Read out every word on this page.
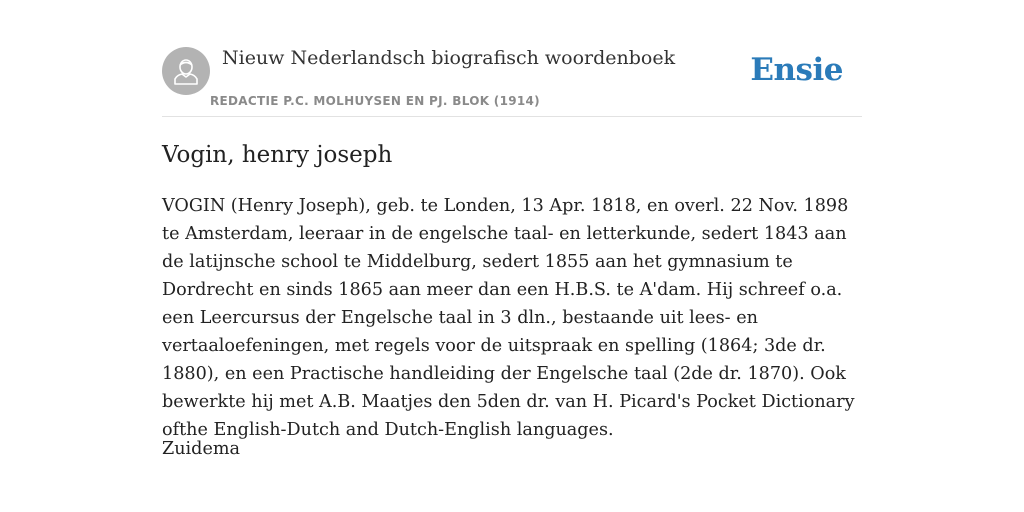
Nieuw Nederlandsch biografisch woordenboek
REDACTIE P.C. MOLHUYSEN EN PJ. BLOK (1914)
Ensie
Vogin, henry joseph

VOGIN (Henry Joseph), geb. te Londen, 13 Apr. 1818, en overl. 22 Nov. 1898 te Amsterdam, leeraar in de engelsche taal- en letterkunde, sedert 1843 aan de latijnsche school te Middelburg, sedert 1855 aan het gymnasium te Dordrecht en sinds 1865 aan meer dan een H.B.S. te A'dam. Hij schreef o.a. een Leercursus der Engelsche taal in 3 dln., bestaande uit lees- en vertaaloefeningen, met regels voor de uitspraak en spelling (1864; 3de dr. 1880), en een Practische handleiding der Engelsche taal (2de dr. 1870). Ook bewerkte hij met A.B. Maatjes den 5den dr. van H. Picard's Pocket Dictionary ofthe English-Dutch and Dutch-English languages.

Zuidema
